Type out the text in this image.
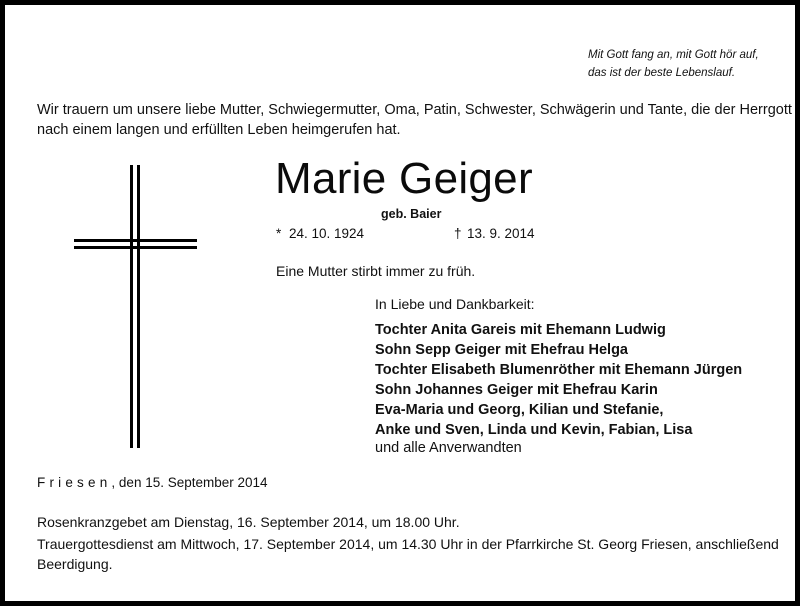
Mit Gott fang an, mit Gott hör auf,
das ist der beste Lebenslauf.
Wir trauern um unsere liebe Mutter, Schwiegermutter, Oma, Patin, Schwester, Schwägerin und Tante, die der Herrgott
nach einem langen und erfüllten Leben heimgerufen hat.
Marie Geiger
geb. Baier
* 24. 10. 1924	† 13. 9. 2014
Eine Mutter stirbt immer zu früh.
In Liebe und Dankbarkeit:
Tochter Anita Gareis mit Ehemann Ludwig
Sohn Sepp Geiger mit Ehefrau Helga
Tochter Elisabeth Blumenröther mit Ehemann Jürgen
Sohn Johannes Geiger mit Ehefrau Karin
Eva-Maria und Georg, Kilian und Stefanie,
Anke und Sven, Linda und Kevin, Fabian, Lisa
und alle Anverwandten
Friesen, den 15. September 2014
Rosenkranzgebet am Dienstag, 16. September 2014, um 18.00 Uhr.
Trauergottesdienst am Mittwoch, 17. September 2014, um 14.30 Uhr in der Pfarrkirche St. Georg Friesen, anschließend
Beerdigung.
